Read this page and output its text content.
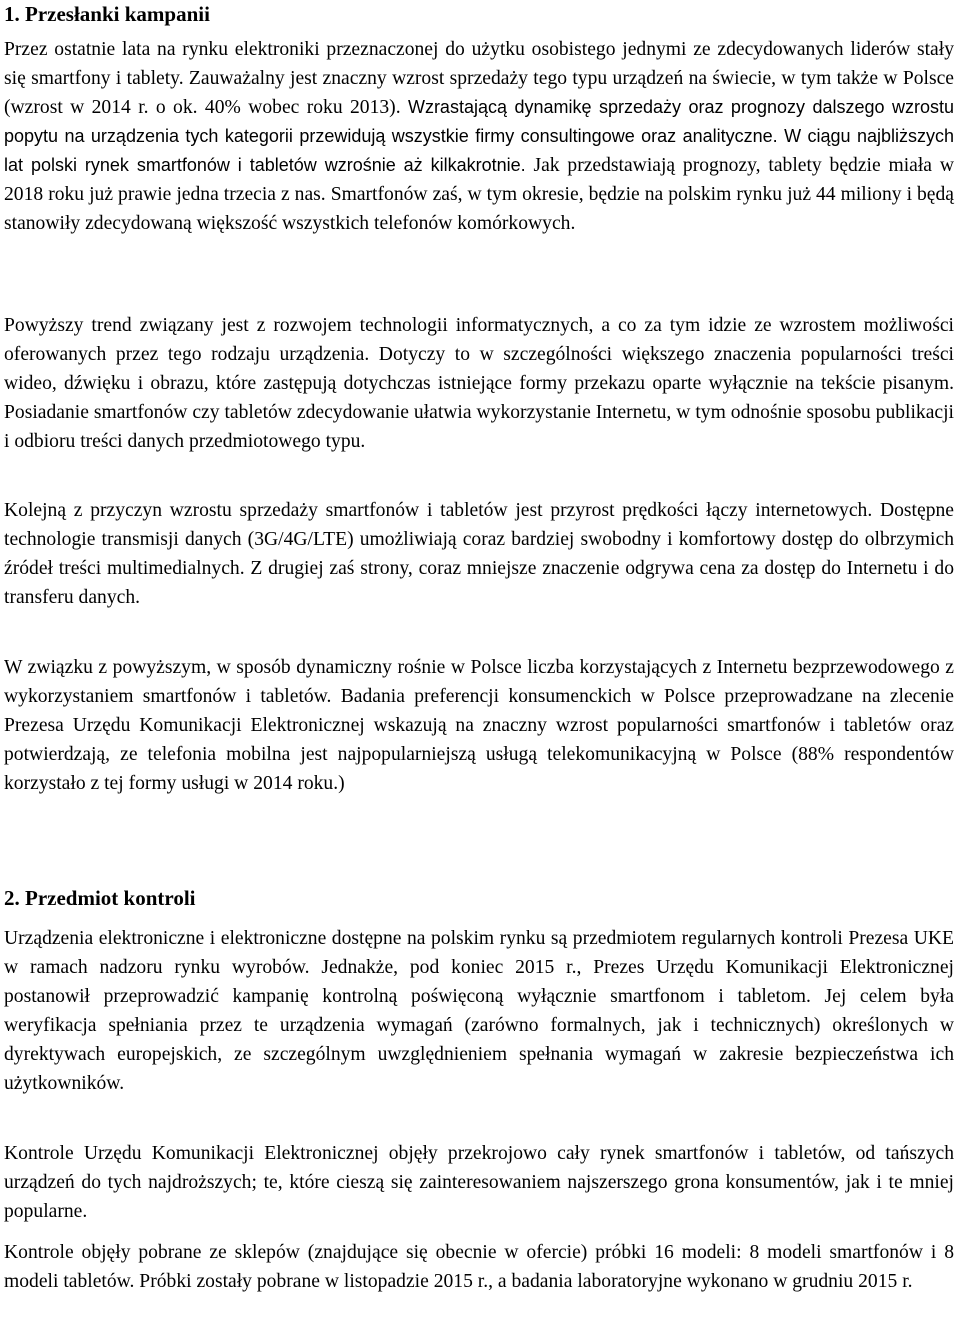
1. Przesłanki kampanii

Przez ostatnie lata na rynku elektroniki przeznaczonej do użytku osobistego jednymi ze zdecydowanych liderów stały się smartfony i tablety. Zauważalny jest znaczny wzrost sprzedaży tego typu urządzeń na świecie, w tym także w Polsce (wzrost w 2014 r. o ok. 40% wobec roku 2013). Wzrastającą dynamikę sprzedaży oraz prognozy dalszego wzrostu popytu na urządzenia tych kategorii przewidują wszystkie firmy consultingowe oraz analityczne. W ciągu najbliższych lat polski rynek smartfonów i tabletów wzrośnie aż kilkakrotnie. Jak przedstawiają prognozy, tablety będzie miała w 2018 roku już prawie jedna trzecia z nas. Smartfonów zaś, w tym okresie, będzie na polskim rynku już 44 miliony i będą stanowiły zdecydowaną większość wszystkich telefonów komórkowych.

Powyższy trend związany jest z rozwojem technologii informatycznych, a co za tym idzie ze wzrostem możliwości oferowanych przez tego rodzaju urządzenia. Dotyczy to w szczególności większego znaczenia popularności treści wideo, dźwięku i obrazu, które zastępują dotychczas istniejące formy przekazu oparte wyłącznie na tekście pisanym. Posiadanie smartfonów czy tabletów zdecydowanie ułatwia wykorzystanie Internetu, w tym odnośnie sposobu publikacji i odbioru treści danych przedmiotowego typu.

Kolejną z przyczyn wzrostu sprzedaży smartfonów i tabletów jest przyrost prędkości łączy internetowych. Dostępne technologie transmisji danych (3G/4G/LTE) umożliwiają coraz bardziej swobodny i komfortowy dostęp do olbrzymich źródeł treści multimedialnych. Z drugiej zaś strony, coraz mniejsze znaczenie odgrywa cena za dostęp do Internetu i do transferu danych.

W związku z powyższym, w sposób dynamiczny rośnie w Polsce liczba korzystających z Internetu bezprzewodowego z wykorzystaniem smartfonów i tabletów. Badania preferencji konsumenckich w Polsce przeprowadzane na zlecenie Prezesa Urzędu Komunikacji Elektronicznej wskazują na znaczny wzrost popularności smartfonów i tabletów oraz potwierdzają, ze telefonia mobilna jest najpopularniejszą usługą telekomunikacyjną w Polsce (88% respondentów korzystało z tej formy usługi w 2014 roku.)

2. Przedmiot kontroli

Urządzenia elektroniczne i elektroniczne dostępne na polskim rynku są przedmiotem regularnych kontroli Prezesa UKE w ramach nadzoru rynku wyrobów. Jednakże, pod koniec 2015 r., Prezes Urzędu Komunikacji Elektronicznej postanowił przeprowadzić kampanię kontrolną poświęconą wyłącznie smartfonom i tabletom. Jej celem była weryfikacja spełniania przez te urządzenia wymagań (zarówno formalnych, jak i technicznych) określonych w dyrektywach europejskich, ze szczególnym uwzględnieniem spełnania wymagań w zakresie bezpieczeństwa ich użytkowników.

Kontrole Urzędu Komunikacji Elektronicznej objęły przekrojowo cały rynek smartfonów i tabletów, od tańszych urządzeń do tych najdroższych; te, które cieszą się zainteresowaniem najszerszego grona konsumentów, jak i te mniej popularne.

Kontrole objęły pobrane ze sklepów (znajdujące się obecnie w ofercie) próbki 16 modeli: 8 modeli smartfonów i 8 modeli tabletów. Próbki zostały pobrane w listopadzie 2015 r., a badania laboratoryjne wykonano w grudniu 2015 r.
